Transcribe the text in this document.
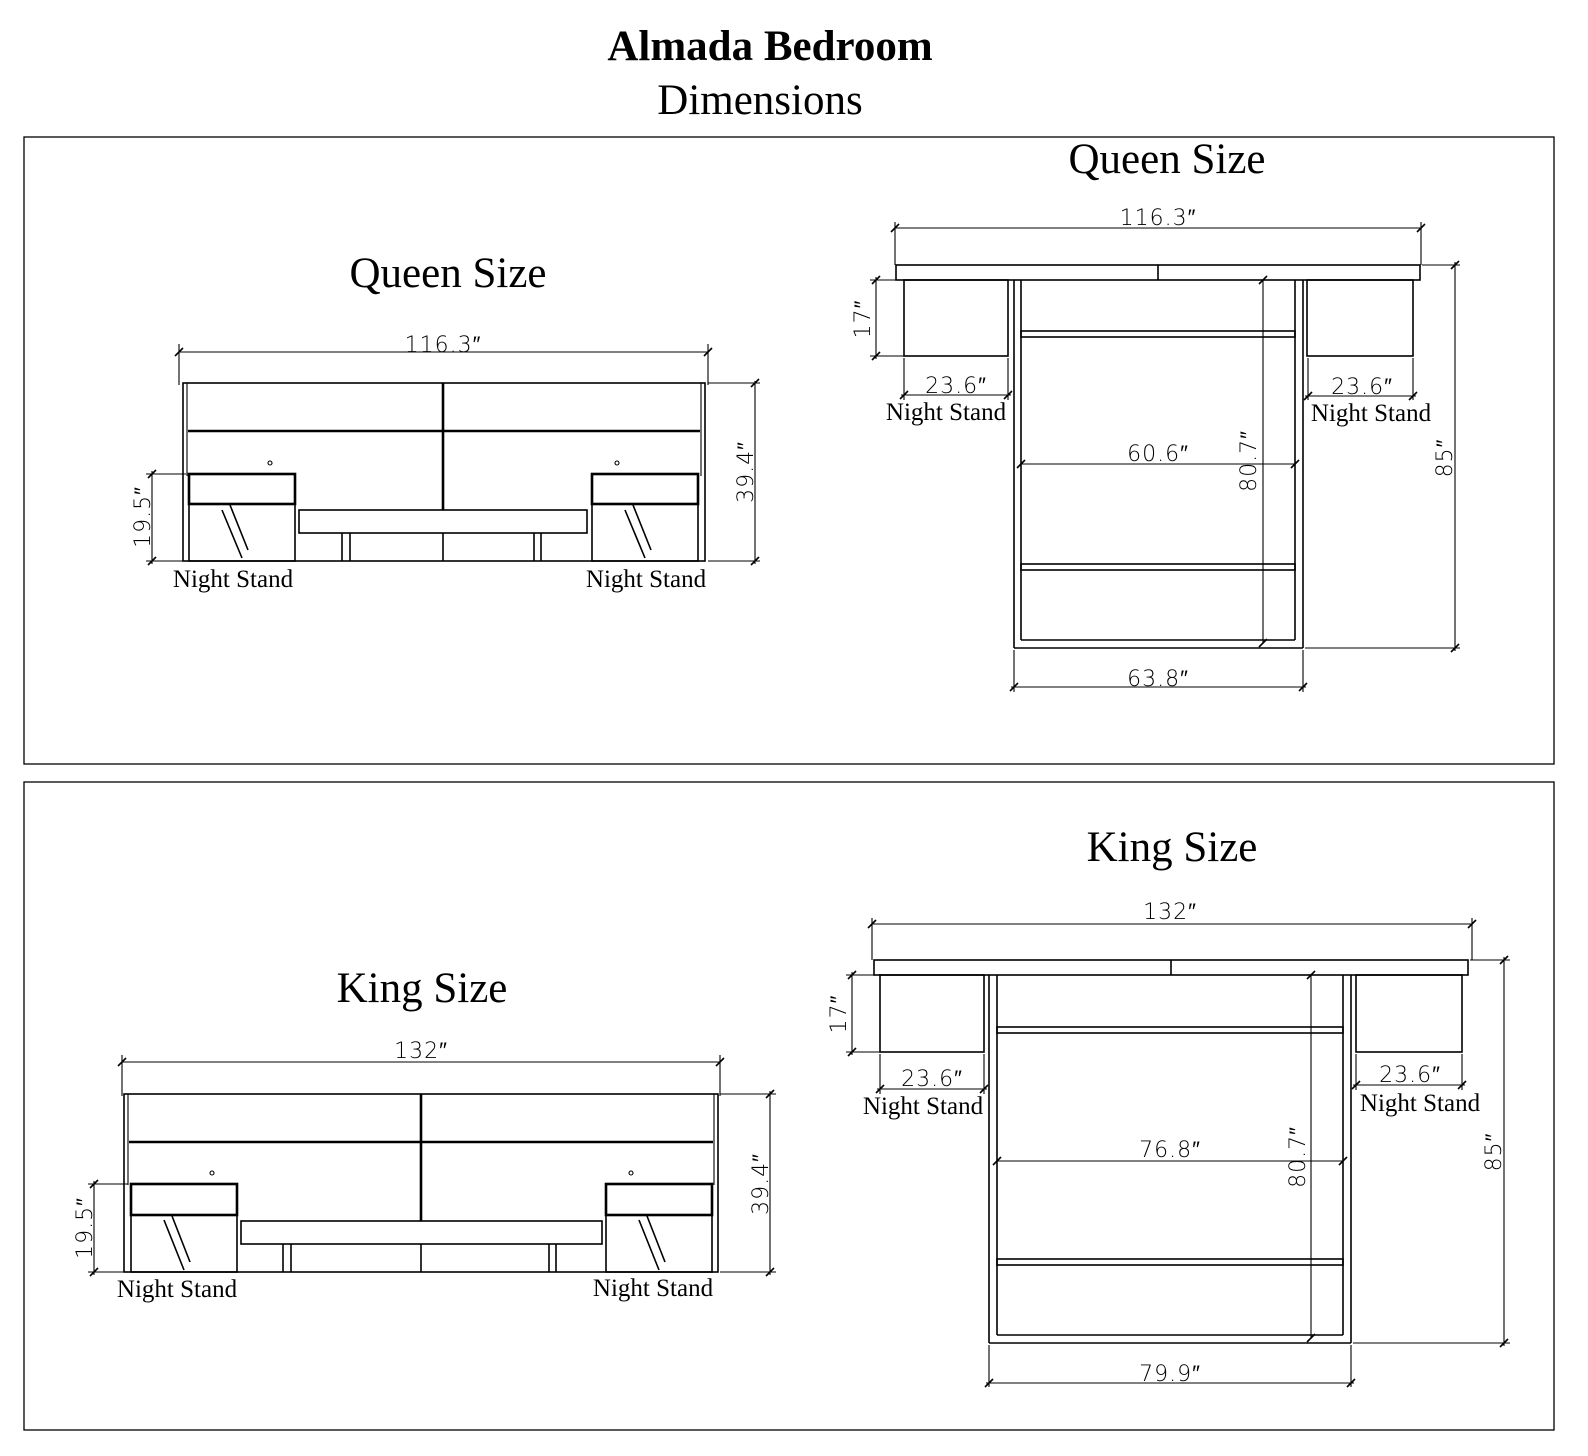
Almada Bedroom
Dimensions
Queen Size
116.3″
39.4″
19.5″
Night Stand	Night Stand
Queen Size
116.3″
80.7″
60.6″	85″
63.8″
17″
23.6″
Night Stand
23.6″
Night Stand
King Size
132″
39.4″
19.5″
Night Stand	Night Stand
King Size
132″
80.7″
76.8″	85″
79.9″
17″
23.6″
Night Stand
23.6″
Night Stand
